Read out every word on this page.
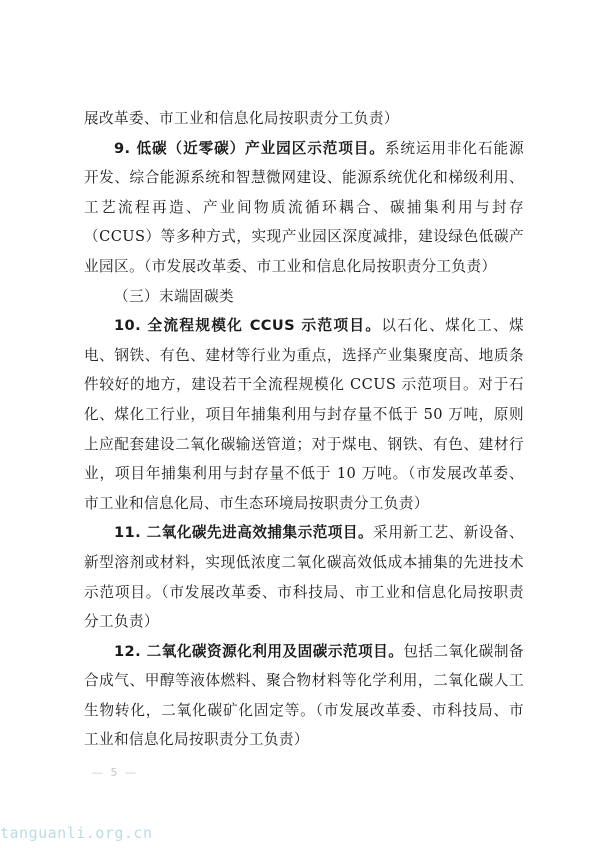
展改革委、市工业和信息化局按职责分工负责）

9. 低碳（近零碳）产业园区示范项目。系统运用非化石能源开发、综合能源系统和智慧微网建设、能源系统优化和梯级利用、工艺流程再造、产业间物质流循环耦合、碳捕集利用与封存（CCUS）等多种方式，实现产业园区深度减排，建设绿色低碳产业园区。（市发展改革委、市工业和信息化局按职责分工负责）

（三）末端固碳类

10. 全流程规模化 CCUS 示范项目。以石化、煤化工、煤电、钢铁、有色、建材等行业为重点，选择产业集聚度高、地质条件较好的地方，建设若干全流程规模化 CCUS 示范项目。对于石化、煤化工行业，项目年捕集利用与封存量不低于 50 万吨，原则上应配套建设二氧化碳输送管道；对于煤电、钢铁、有色、建材行业，项目年捕集利用与封存量不低于 10 万吨。（市发展改革委、市工业和信息化局、市生态环境局按职责分工负责）

11. 二氧化碳先进高效捕集示范项目。采用新工艺、新设备、新型溶剂或材料，实现低浓度二氧化碳高效低成本捕集的先进技术示范项目。（市发展改革委、市科技局、市工业和信息化局按职责分工负责）

12. 二氧化碳资源化利用及固碳示范项目。包括二氧化碳制备合成气、甲醇等液体燃料、聚合物材料等化学利用，二氧化碳人工生物转化，二氧化碳矿化固定等。（市发展改革委、市科技局、市工业和信息化局按职责分工负责）

— 5 —
tanguanli.org.cn
